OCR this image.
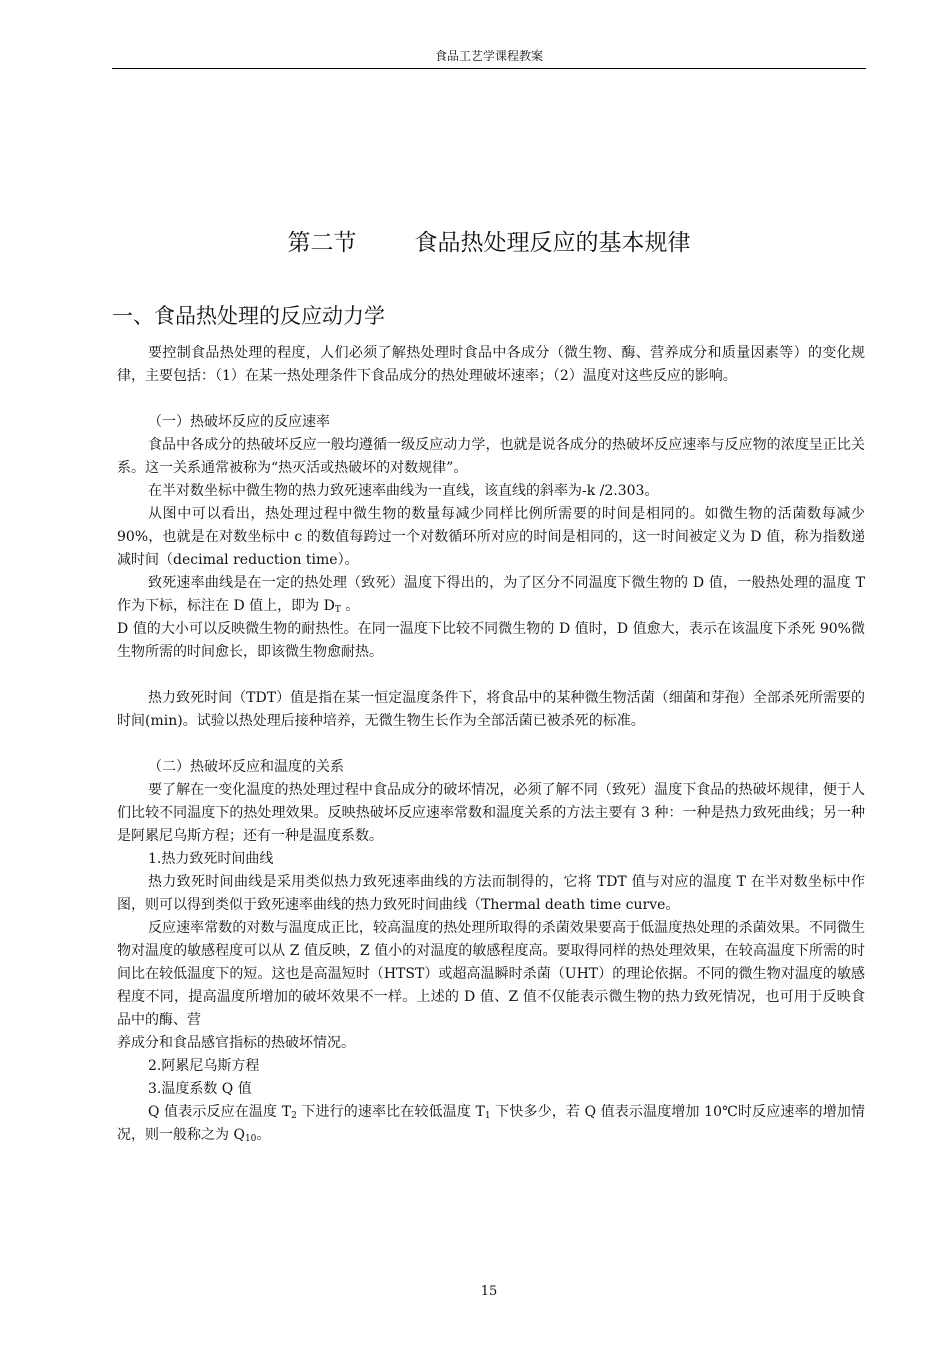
食品工艺学课程教案
第二节	食品热处理反应的基本规律
一、食品热处理的反应动力学

要控制食品热处理的程度，人们必须了解热处理时食品中各成分（微生物、酶、营养成分和质量因素等）的变化规律，主要包括：（1）在某一热处理条件下食品成分的热处理破坏速率；（2）温度对这些反应的影响。

（一）热破坏反应的反应速率

食品中各成分的热破坏反应一般均遵循一级反应动力学，也就是说各成分的热破坏反应速率与反应物的浓度呈正比关系。这一关系通常被称为“热灭活或热破坏的对数规律”。

在半对数坐标中微生物的热力致死速率曲线为一直线，该直线的斜率为-k /2.303。

从图中可以看出，热处理过程中微生物的数量每减少同样比例所需要的时间是相同的。如微生物的活菌数每减少 90%，也就是在对数坐标中 c 的数值每跨过一个对数循环所对应的时间是相同的，这一时间被定义为 D 值，称为指数递减时间（decimal reduction time）。

致死速率曲线是在一定的热处理（致死）温度下得出的，为了区分不同温度下微生物的 D 值，一般热处理的温度 T 作为下标，标注在 D 值上，即为 $D_T$ 。

D 值的大小可以反映微生物的耐热性。在同一温度下比较不同微生物的 D 值时，D 值愈大，表示在该温度下杀死 90%微生物所需的时间愈长，即该微生物愈耐热。

热力致死时间（TDT）值是指在某一恒定温度条件下，将食品中的某种微生物活菌（细菌和芽孢）全部杀死所需要的时间(min)。试验以热处理后接种培养，无微生物生长作为全部活菌已被杀死的标准。

（二）热破坏反应和温度的关系

要了解在一变化温度的热处理过程中食品成分的破坏情况，必须了解不同（致死）温度下食品的热破坏规律，便于人们比较不同温度下的热处理效果。反映热破坏反应速率常数和温度关系的方法主要有 3 种：一种是热力致死曲线；另一种是阿累尼乌斯方程；还有一种是温度系数。

1.热力致死时间曲线

热力致死时间曲线是采用类似热力致死速率曲线的方法而制得的，它将 TDT 值与对应的温度 T 在半对数坐标中作图，则可以得到类似于致死速率曲线的热力致死时间曲线（Thermal death time curve。

反应速率常数的对数与温度成正比，较高温度的热处理所取得的杀菌效果要高于低温度热处理的杀菌效果。不同微生物对温度的敏感程度可以从 Z 值反映，Z 值小的对温度的敏感程度高。要取得同样的热处理效果，在较高温度下所需的时间比在较低温度下的短。这也是高温短时（HTST）或超高温瞬时杀菌（UHT）的理论依据。不同的微生物对温度的敏感程度不同，提高温度所增加的破坏效果不一样。上述的 D 值、Z 值不仅能表示微生物的热力致死情况，也可用于反映食品中的酶、营

养成分和食品感官指标的热破坏情况。

2.阿累尼乌斯方程

3.温度系数 Q 值

Q 值表示反应在温度 $T_2$ 下进行的速率比在较低温度 $T_1$ 下快多少，若 Q 值表示温度增加 10℃时反应速率的增加情况，则一般称之为 $Q_{10}$。

15
